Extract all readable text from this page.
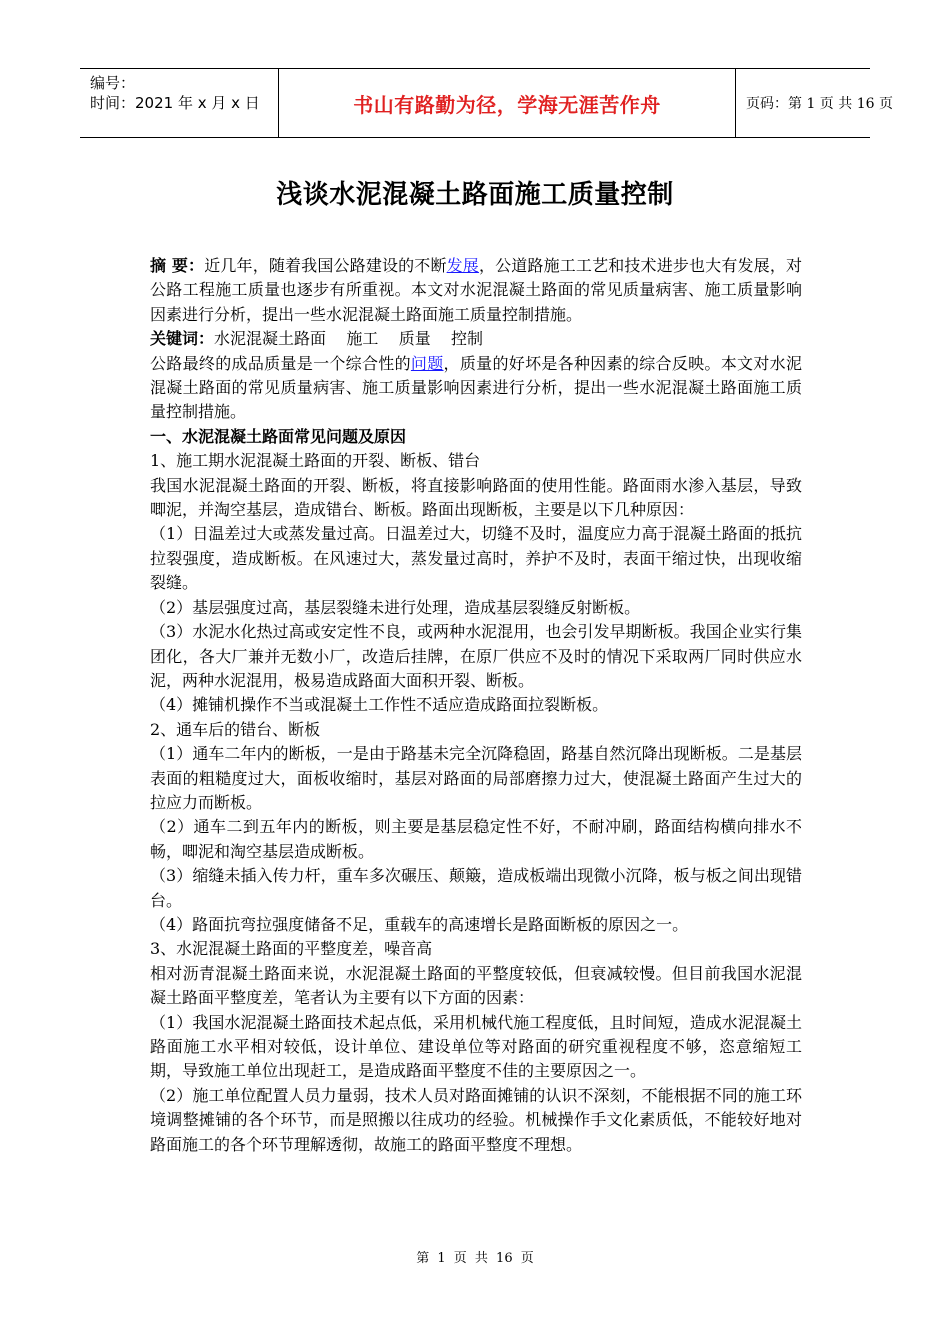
编号：
时间：2021 年 x 月 x 日	书山有路勤为径，学海无涯苦作舟	页码：第 1 页 共 16 页
浅谈水泥混凝土路面施工质量控制

摘 要：近几年，随着我国公路建设的不断发展，公道路施工工艺和技术进步也大有发展，对公路工程施工质量也逐步有所重视。本文对水泥混凝土路面的常见质量病害、施工质量影响因素进行分析，提出一些水泥混凝土路面施工质量控制措施。

关键词：水泥混凝土路面    施工    质量    控制

公路最终的成品质量是一个综合性的问题，质量的好坏是各种因素的综合反映。本文对水泥混凝土路面的常见质量病害、施工质量影响因素进行分析，提出一些水泥混凝土路面施工质量控制措施。

一、水泥混凝土路面常见问题及原因

1、施工期水泥混凝土路面的开裂、断板、错台

我国水泥混凝土路面的开裂、断板，将直接影响路面的使用性能。路面雨水渗入基层，导致唧泥，并淘空基层，造成错台、断板。路面出现断板，主要是以下几种原因：

（1）日温差过大或蒸发量过高。日温差过大，切缝不及时，温度应力高于混凝土路面的抵抗拉裂强度，造成断板。在风速过大，蒸发量过高时，养护不及时，表面干缩过快，出现收缩裂缝。

（2）基层强度过高，基层裂缝未进行处理，造成基层裂缝反射断板。

（3）水泥水化热过高或安定性不良，或两种水泥混用，也会引发早期断板。我国企业实行集团化，各大厂兼并无数小厂，改造后挂牌，在原厂供应不及时的情况下采取两厂同时供应水泥，两种水泥混用，极易造成路面大面积开裂、断板。

（4）摊铺机操作不当或混凝土工作性不适应造成路面拉裂断板。

2、通车后的错台、断板

（1）通车二年内的断板，一是由于路基未完全沉降稳固，路基自然沉降出现断板。二是基层表面的粗糙度过大，面板收缩时，基层对路面的局部磨擦力过大，使混凝土路面产生过大的拉应力而断板。

（2）通车二到五年内的断板，则主要是基层稳定性不好，不耐冲刷，路面结构横向排水不畅，唧泥和淘空基层造成断板。

（3）缩缝未插入传力杆，重车多次碾压、颠簸，造成板端出现微小沉降，板与板之间出现错台。

（4）路面抗弯拉强度储备不足，重载车的高速增长是路面断板的原因之一。

3、水泥混凝土路面的平整度差，噪音高

相对沥青混凝土路面来说，水泥混凝土路面的平整度较低，但衰减较慢。但目前我国水泥混凝土路面平整度差，笔者认为主要有以下方面的因素：

（1）我国水泥混凝土路面技术起点低，采用机械代施工程度低，且时间短，造成水泥混凝土路面施工水平相对较低，设计单位、建设单位等对路面的研究重视程度不够，恣意缩短工期，导致施工单位出现赶工，是造成路面平整度不佳的主要原因之一。

（2）施工单位配置人员力量弱，技术人员对路面摊铺的认识不深刻，不能根据不同的施工环境调整摊铺的各个环节，而是照搬以往成功的经验。机械操作手文化素质低，不能较好地对路面施工的各个环节理解透彻，故施工的路面平整度不理想。

第 1 页 共 16 页
